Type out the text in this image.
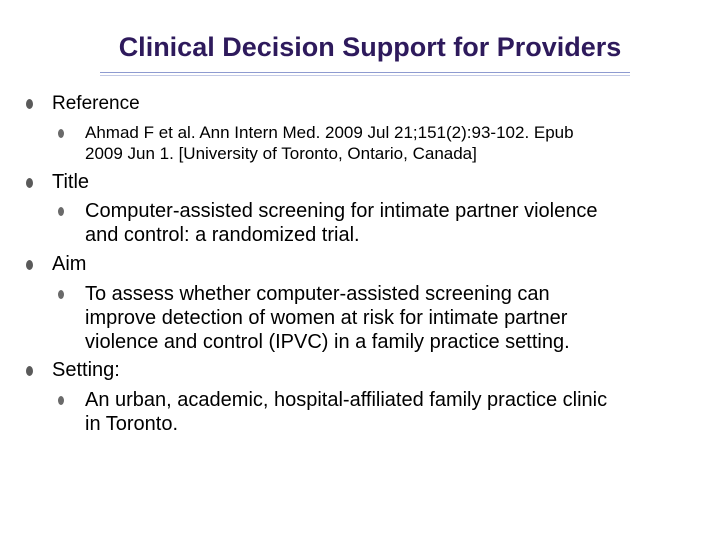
Clinical Decision Support for Providers
Reference
Ahmad F et al. Ann Intern Med. 2009 Jul 21;151(2):93-102. Epub
2009 Jun 1. [University of Toronto, Ontario, Canada]
Title
Computer-assisted screening for intimate partner violence
and control: a randomized trial.
Aim
To assess whether computer-assisted screening can
improve detection of women at risk for intimate partner
violence and control (IPVC) in a family practice setting.
Setting:
An urban, academic, hospital-affiliated family practice clinic
in Toronto.
